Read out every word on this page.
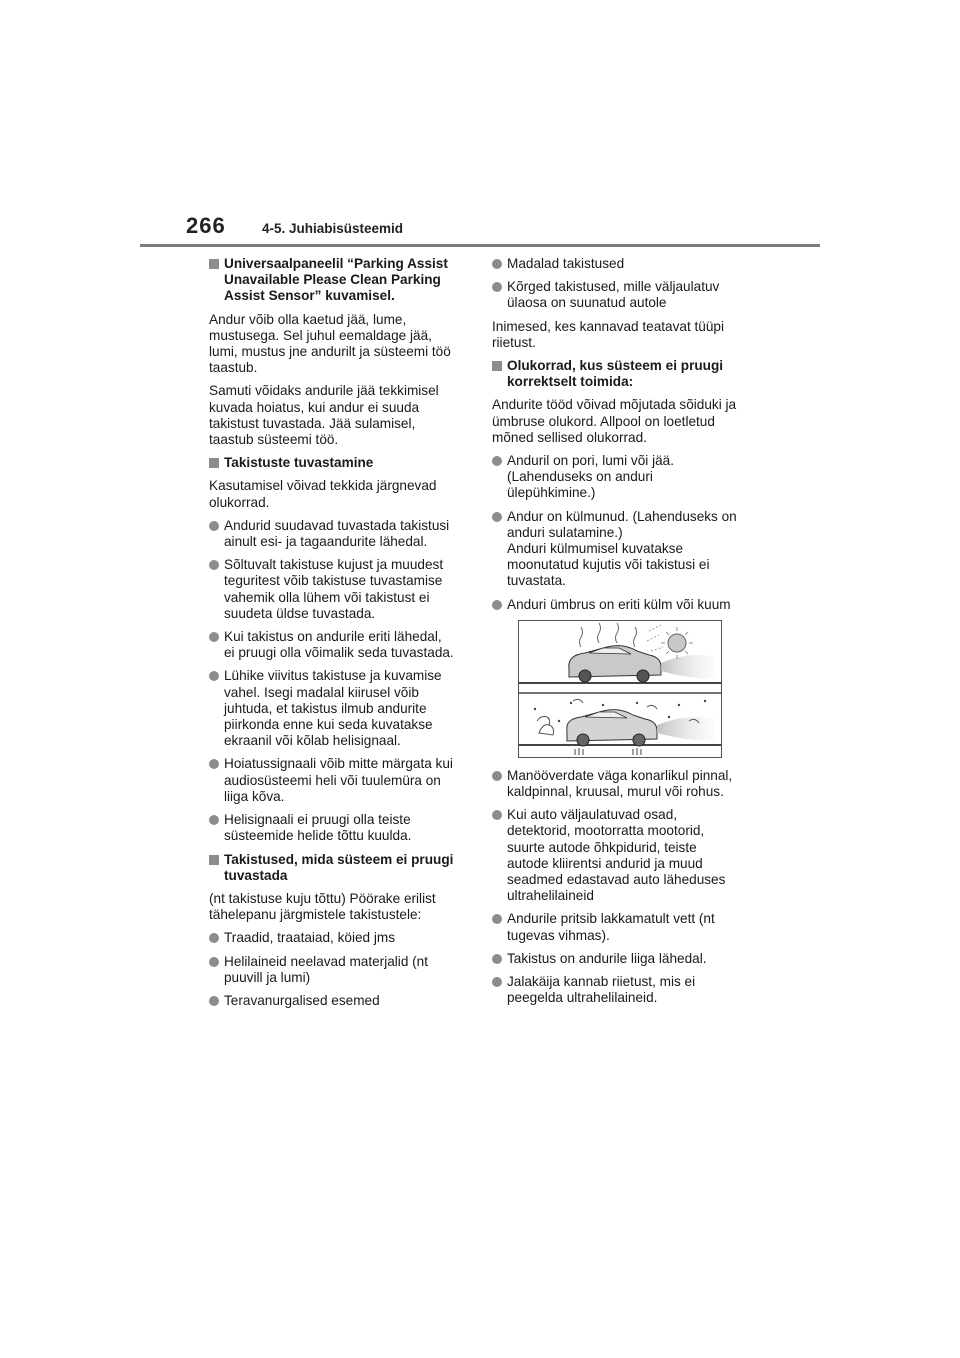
266	4-5. Juhiabisüsteemid
Universaalpaneelil “Parking Assist
Unavailable Please Clean Parking
Assist Sensor” kuvamisel.
Andur võib olla kaetud jää, lume,
mustusega. Sel juhul eemaldage jää,
lumi, mustus jne andurilt ja süsteemi töö
taastub.
Samuti võidaks andurile jää tekkimisel
kuvada hoiatus, kui andur ei suuda
takistust tuvastada. Jää sulamisel,
taastub süsteemi töö.
Takistuste tuvastamine
Kasutamisel võivad tekkida järgnevad
olukorrad.
Andurid suudavad tuvastada takistusi
ainult esi- ja tagaandurite lähedal.
Sõltuvalt takistuse kujust ja muudest
teguritest võib takistuse tuvastamise
vahemik olla lühem või takistust ei
suudeta üldse tuvastada.
Kui takistus on andurile eriti lähedal,
ei pruugi olla võimalik seda tuvastada.
Lühike viivitus takistuse ja kuvamise
vahel. Isegi madalal kiirusel võib
juhtuda, et takistus ilmub andurite
piirkonda enne kui seda kuvatakse
ekraanil või kõlab helisignaal.
Hoiatussignaali võib mitte märgata kui
audiosüsteemi heli või tuulemüra on
liiga kõva.
Helisignaali ei pruugi olla teiste
süsteemide helide tõttu kuulda.
Takistused, mida süsteem ei pruugi
tuvastada
(nt takistuse kuju tõttu) Pöörake erilist
tähelepanu järgmistele takistustele:
Traadid, traataiad, köied jms
Helilaineid neelavad materjalid (nt
puuvill ja lumi)
Teravanurgalised esemed
Madalad takistused
Kõrged takistused, mille väljaulatuv
ülaosa on suunatud autole
Inimesed, kes kannavad teatavat tüüpi
riietust.
Olukorrad, kus süsteem ei pruugi
korrektselt toimida:
Andurite tööd võivad mõjutada sõiduki ja
ümbruse olukord. Allpool on loetletud
mõned sellised olukorrad.
Anduril on pori, lumi või jää.
(Lahenduseks on anduri
ülepühkimine.)
Andur on külmunud. (Lahenduseks on
anduri sulatamine.)
Anduri külmumisel kuvatakse
moonutatud kujutis või takistusi ei
tuvastata.
Anduri ümbrus on eriti külm või kuum
Manööverdate väga konarlikul pinnal,
kaldpinnal, kruusal, murul või rohus.
Kui auto väljaulatuvad osad,
detektorid, mootorratta mootorid,
suurte autode õhkpidurid, teiste
autode kliirentsi andurid ja muud
seadmed edastavad auto läheduses
ultrahelilaineid
Andurile pritsib lakkamatult vett (nt
tugevas vihmas).
Takistus on andurile liiga lähedal.
Jalakäija kannab riietust, mis ei
peegelda ultrahelilaineid.
